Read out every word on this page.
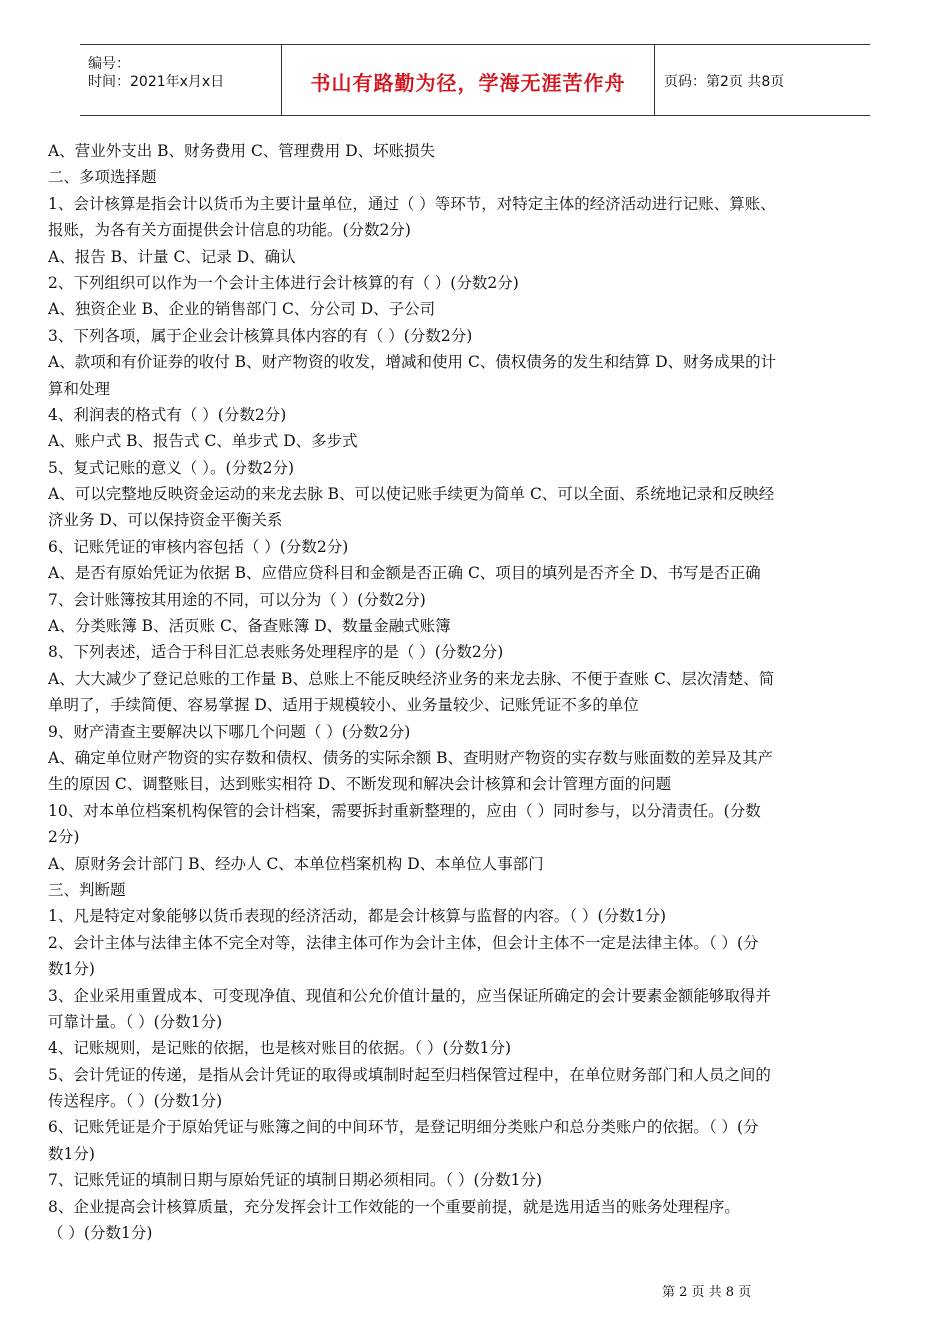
编号：
时间：2021年x月x日	书山有路勤为径，学海无涯苦作舟	页码：第2页 共8页
A、营业外支出 B、财务费用 C、管理费用 D、坏账损失
二、多项选择题
1、会计核算是指会计以货币为主要计量单位，通过（ ）等环节，对特定主体的经济活动进行记账、算账、
报账，为各有关方面提供会计信息的功能。(分数2分)
A、报告 B、计量 C、记录 D、确认
2、下列组织可以作为一个会计主体进行会计核算的有（ ）(分数2分)
A、独资企业 B、企业的销售部门 C、分公司 D、子公司
3、下列各项，属于企业会计核算具体内容的有（ ）(分数2分)
A、款项和有价证券的收付 B、财产物资的收发，增减和使用 C、债权债务的发生和结算 D、财务成果的计
算和处理
4、利润表的格式有（ ）(分数2分)
A、账户式 B、报告式 C、单步式 D、多步式
5、复式记账的意义（ ）。(分数2分)
A、可以完整地反映资金运动的来龙去脉 B、可以使记账手续更为简单 C、可以全面、系统地记录和反映经
济业务 D、可以保持资金平衡关系
6、记账凭证的审核内容包括（ ）(分数2分)
A、是否有原始凭证为依据 B、应借应贷科目和金额是否正确 C、项目的填列是否齐全 D、书写是否正确
7、会计账簿按其用途的不同，可以分为（ ）(分数2分)
A、分类账簿 B、活页账 C、备查账簿 D、数量金融式账簿
8、下列表述，适合于科目汇总表账务处理程序的是（ ）(分数2分)
A、大大减少了登记总账的工作量 B、总账上不能反映经济业务的来龙去脉、不便于查账 C、层次清楚、简
单明了，手续简便、容易掌握 D、适用于规模较小、业务量较少、记账凭证不多的单位
9、财产清查主要解决以下哪几个问题（ ）(分数2分)
A、确定单位财产物资的实存数和债权、债务的实际余额 B、查明财产物资的实存数与账面数的差异及其产
生的原因 C、调整账目，达到账实相符 D、不断发现和解决会计核算和会计管理方面的问题
10、对本单位档案机构保管的会计档案，需要拆封重新整理的，应由（ ）同时参与，以分清责任。(分数
2分)
A、原财务会计部门 B、经办人 C、本单位档案机构 D、本单位人事部门
三、判断题
1、凡是特定对象能够以货币表现的经济活动，都是会计核算与监督的内容。（ ）(分数1分)
2、会计主体与法律主体不完全对等，法律主体可作为会计主体，但会计主体不一定是法律主体。（ ）(分
数1分)
3、企业采用重置成本、可变现净值、现值和公允价值计量的，应当保证所确定的会计要素金额能够取得并
可靠计量。（ ）(分数1分)
4、记账规则，是记账的依据，也是核对账目的依据。（ ）(分数1分)
5、会计凭证的传递，是指从会计凭证的取得或填制时起至归档保管过程中，在单位财务部门和人员之间的
传送程序。（ ）(分数1分)
6、记账凭证是介于原始凭证与账簿之间的中间环节，是登记明细分类账户和总分类账户的依据。（ ）(分
数1分)
7、记账凭证的填制日期与原始凭证的填制日期必须相同。（ ）(分数1分)
8、企业提高会计核算质量，充分发挥会计工作效能的一个重要前提，就是选用适当的账务处理程序。
（ ）(分数1分)
第 2 页 共 8 页
